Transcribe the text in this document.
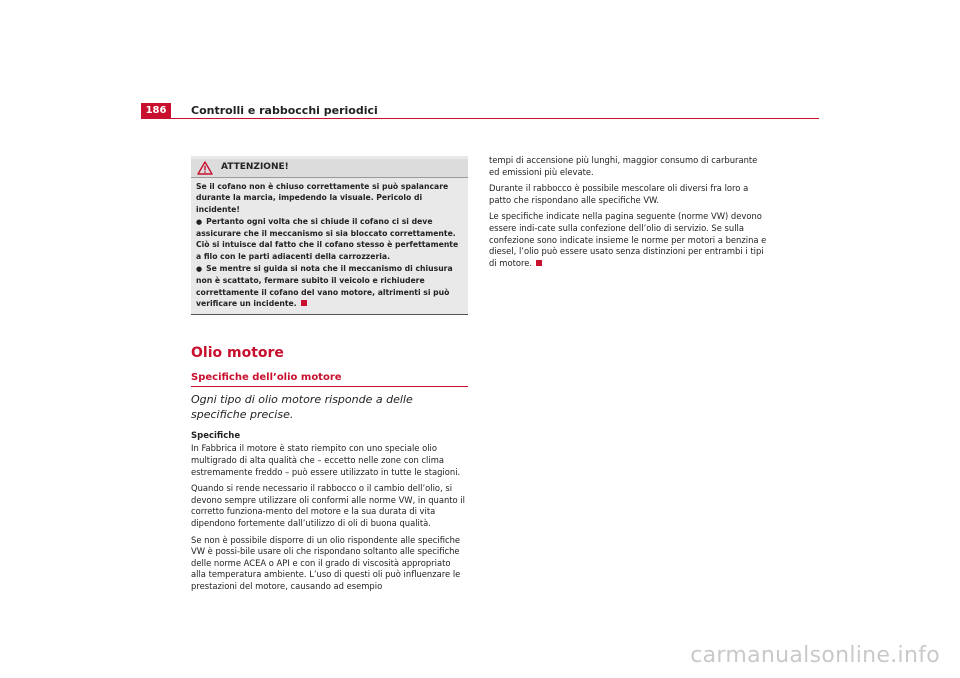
186	Controlli e rabbocchi periodici
ATTENZIONE!

Se il cofano non è chiuso correttamente si può spalancare durante la marcia, impedendo la visuale. Pericolo di incidente!

● Pertanto ogni volta che si chiude il cofano ci si deve assicurare che il meccanismo si sia bloccato correttamente. Ciò si intuisce dal fatto che il cofano stesso è perfettamente a filo con le parti adiacenti della carrozzeria.

● Se mentre si guida si nota che il meccanismo di chiusura non è scattato, fermare subito il veicolo e richiudere correttamente il cofano del vano motore, altrimenti si può verificare un incidente.

Olio motore
Specifiche dell’olio motore
Ogni tipo di olio motore risponde a delle specifiche precise.
Specifiche

In Fabbrica il motore è stato riempito con uno speciale olio multigrado di alta qualità che – eccetto nelle zone con clima estremamente freddo – può essere utilizzato in tutte le stagioni.

Quando si rende necessario il rabbocco o il cambio dell’olio, si devono sempre utilizzare oli conformi alle norme VW, in quanto il corretto funziona-mento del motore e la sua durata di vita dipendono fortemente dall’utilizzo di oli di buona qualità.

Se non è possibile disporre di un olio rispondente alle specifiche VW è possi-bile usare oli che rispondano soltanto alle specifiche delle norme ACEA o API e con il grado di viscosità appropriato alla temperatura ambiente. L’uso di questi oli può influenzare le prestazioni del motore, causando ad esempio

tempi di accensione più lunghi, maggior consumo di carburante ed emissioni più elevate.

Durante il rabbocco è possibile mescolare oli diversi fra loro a patto che rispondano alle specifiche VW.

Le specifiche indicate nella pagina seguente (norme VW) devono essere indi-cate sulla confezione dell’olio di servizio. Se sulla confezione sono indicate insieme le norme per motori a benzina e diesel, l’olio può essere usato senza distinzioni per entrambi i tipi di motore.

carmanualsonline.info
